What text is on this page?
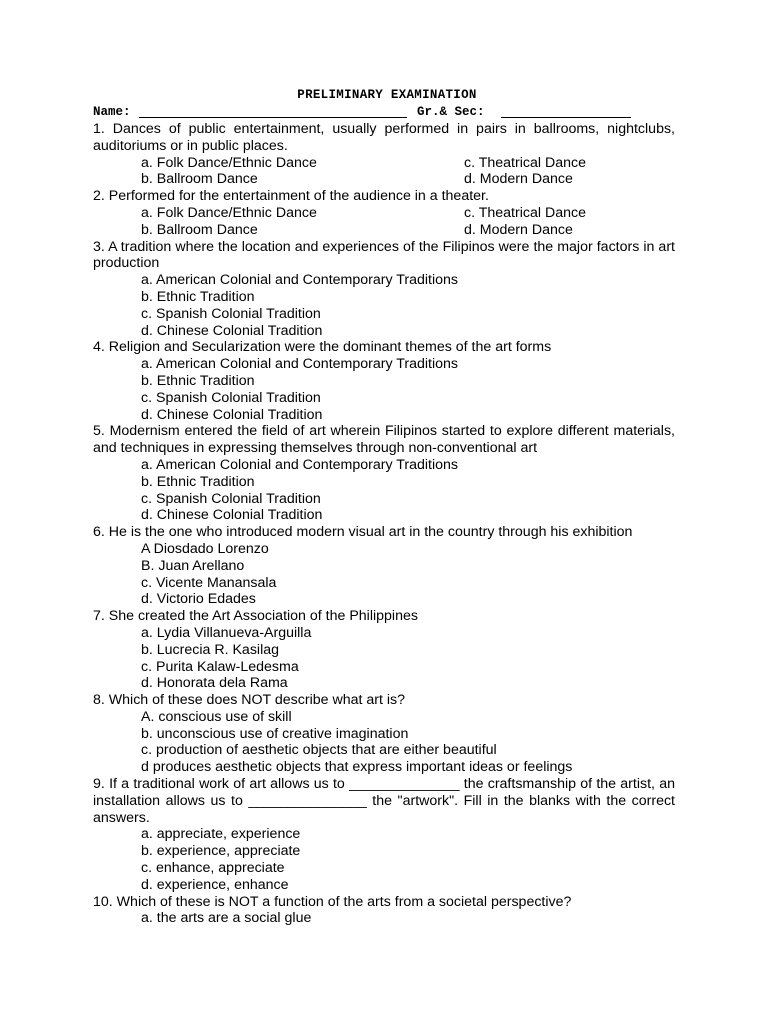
PRELIMINARY EXAMINATION
Name:	Gr.& Sec:
1. Dances of public entertainment, usually performed in pairs in ballrooms, nightclubs, auditoriums or in public places.
a. Folk Dance/Ethnic Dance	c. Theatrical Dance
b. Ballroom Dance	d. Modern Dance
2. Performed for the entertainment of the audience in a theater.
a. Folk Dance/Ethnic Dance	c. Theatrical Dance
b. Ballroom Dance	d. Modern Dance
3. A tradition where the location and experiences of the Filipinos were the major factors in art production
a. American Colonial and Contemporary Traditions
b. Ethnic Tradition
c. Spanish Colonial Tradition
d. Chinese Colonial Tradition
4. Religion and Secularization were the dominant themes of the art forms
a. American Colonial and Contemporary Traditions
b. Ethnic Tradition
c. Spanish Colonial Tradition
d. Chinese Colonial Tradition
5. Modernism entered the field of art wherein Filipinos started to explore different materials, and techniques in expressing themselves through non-conventional art
a. American Colonial and Contemporary Traditions
b. Ethnic Tradition
c. Spanish Colonial Tradition
d. Chinese Colonial Tradition
6. He is the one who introduced modern visual art in the country through his exhibition
A Diosdado Lorenzo
B. Juan Arellano
c. Vicente Manansala
d. Victorio Edades
7. She created the Art Association of the Philippines
a. Lydia Villanueva-Arguilla
b. Lucrecia R. Kasilag
c. Purita Kalaw-Ledesma
d. Honorata dela Rama
8. Which of these does NOT describe what art is?
A. conscious use of skill
b. unconscious use of creative imagination
c. production of aesthetic objects that are either beautiful
d produces aesthetic objects that express important ideas or feelings
9. If a traditional work of art allows us to ______________ the craftsmanship of the artist, an installation allows us to _______________ the "artwork". Fill in the blanks with the correct answers.
a. appreciate, experience
b. experience, appreciate
c. enhance, appreciate
d. experience, enhance
10. Which of these is NOT a function of the arts from a societal perspective?
a. the arts are a social glue
